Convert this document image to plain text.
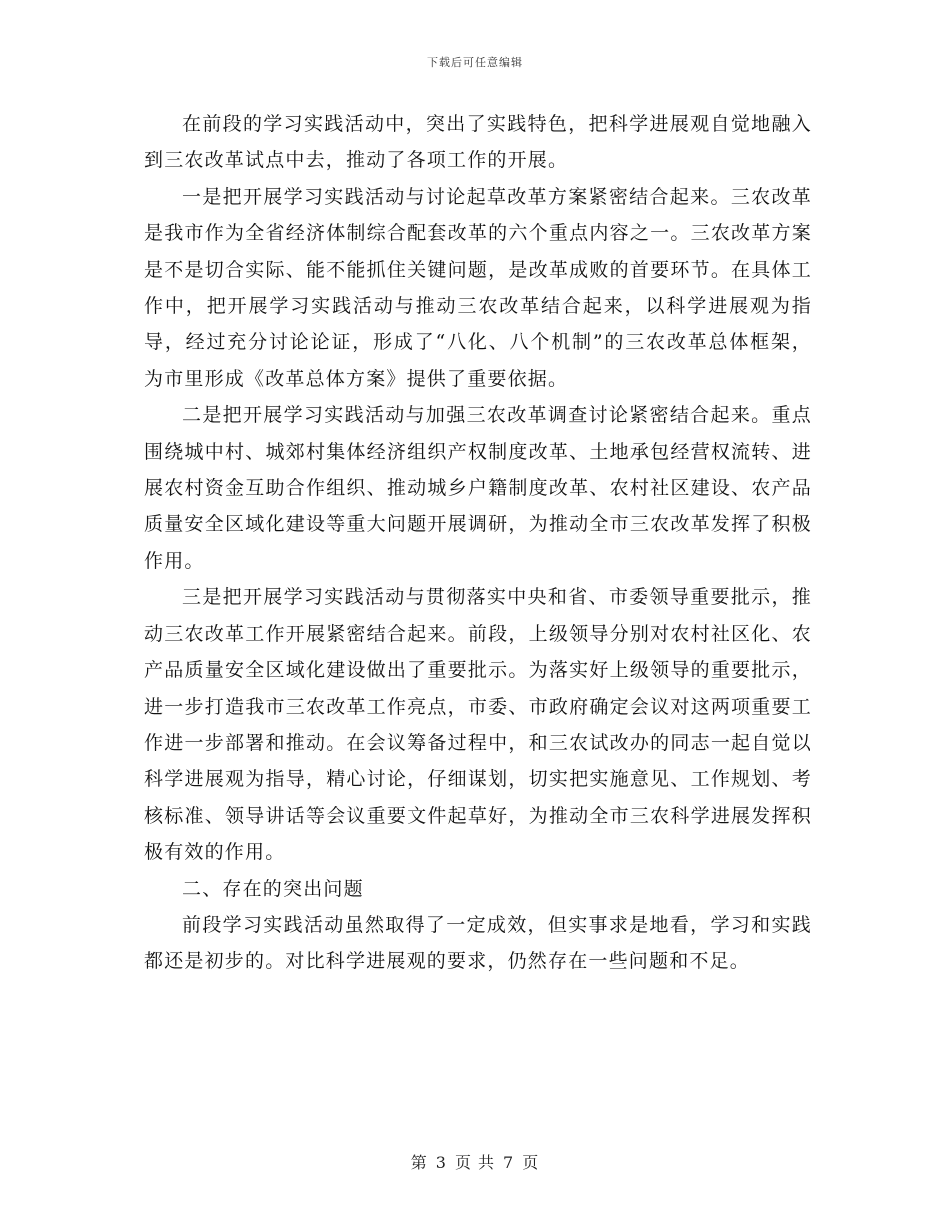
下载后可任意编辑

在前段的学习实践活动中，突出了实践特色，把科学进展观自觉地融入到三农改革试点中去，推动了各项工作的开展。

一是把开展学习实践活动与讨论起草改革方案紧密结合起来。三农改革是我市作为全省经济体制综合配套改革的六个重点内容之一。三农改革方案是不是切合实际、能不能抓住关键问题，是改革成败的首要环节。在具体工作中，把开展学习实践活动与推动三农改革结合起来，以科学进展观为指导，经过充分讨论论证，形成了“八化、八个机制”的三农改革总体框架，为市里形成《改革总体方案》提供了重要依据。

二是把开展学习实践活动与加强三农改革调查讨论紧密结合起来。重点围绕城中村、城郊村集体经济组织产权制度改革、土地承包经营权流转、进展农村资金互助合作组织、推动城乡户籍制度改革、农村社区建设、农产品质量安全区域化建设等重大问题开展调研，为推动全市三农改革发挥了积极作用。

三是把开展学习实践活动与贯彻落实中央和省、市委领导重要批示，推动三农改革工作开展紧密结合起来。前段，上级领导分别对农村社区化、农产品质量安全区域化建设做出了重要批示。为落实好上级领导的重要批示，进一步打造我市三农改革工作亮点，市委、市政府确定会议对这两项重要工作进一步部署和推动。在会议筹备过程中，和三农试改办的同志一起自觉以科学进展观为指导，精心讨论，仔细谋划，切实把实施意见、工作规划、考核标准、领导讲话等会议重要文件起草好，为推动全市三农科学进展发挥积极有效的作用。

二、存在的突出问题

前段学习实践活动虽然取得了一定成效，但实事求是地看，学习和实践都还是初步的。对比科学进展观的要求，仍然存在一些问题和不足。

第 3 页 共 7 页
